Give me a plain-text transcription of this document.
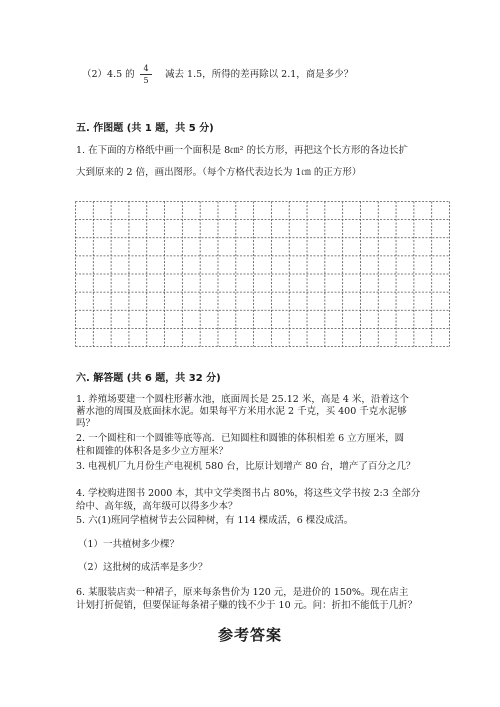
（2）4.5 的
4
5
减去 1.5，所得的差再除以 2.1，商是多少？
五. 作图题 (共 1 题，共 5 分)
1. 在下面的方格纸中画一个面积是 8㎝² 的长方形，再把这个长方形的各边长扩
大到原来的 2 倍，画出图形。（每个方格代表边长为 1㎝ 的正方形）
六. 解答题 (共 6 题，共 32 分)
1. 养殖场要建一个圆柱形蓄水池，底面周长是 25.12 米，高是 4 米，沿着这个
蓄水池的周围及底面抹水泥。如果每平方米用水泥 2 千克，买 400 千克水泥够
吗？
2. 一个圆柱和一个圆锥等底等高．已知圆柱和圆锥的体积相差 6 立方厘米，圆
柱和圆锥的体积各是多少立方厘米？
3. 电视机厂九月份生产电视机 580 台，比原计划增产 80 台，增产了百分之几？
4. 学校购进图书 2000 本，其中文学类图书占 80%，将这些文学书按 2:3 全部分
给中、高年级，高年级可以得多少本？
5. 六(1)班同学植树节去公园种树，有 114 棵成活，6 棵没成活。
（1）一共植树多少棵？
（2）这批树的成活率是多少？
6. 某服装店卖一种裙子，原来每条售价为 120 元，是进价的 150%。现在店主
计划打折促销，但要保证每条裙子赚的钱不少于 10 元。问：折扣不能低于几折？
参考答案
